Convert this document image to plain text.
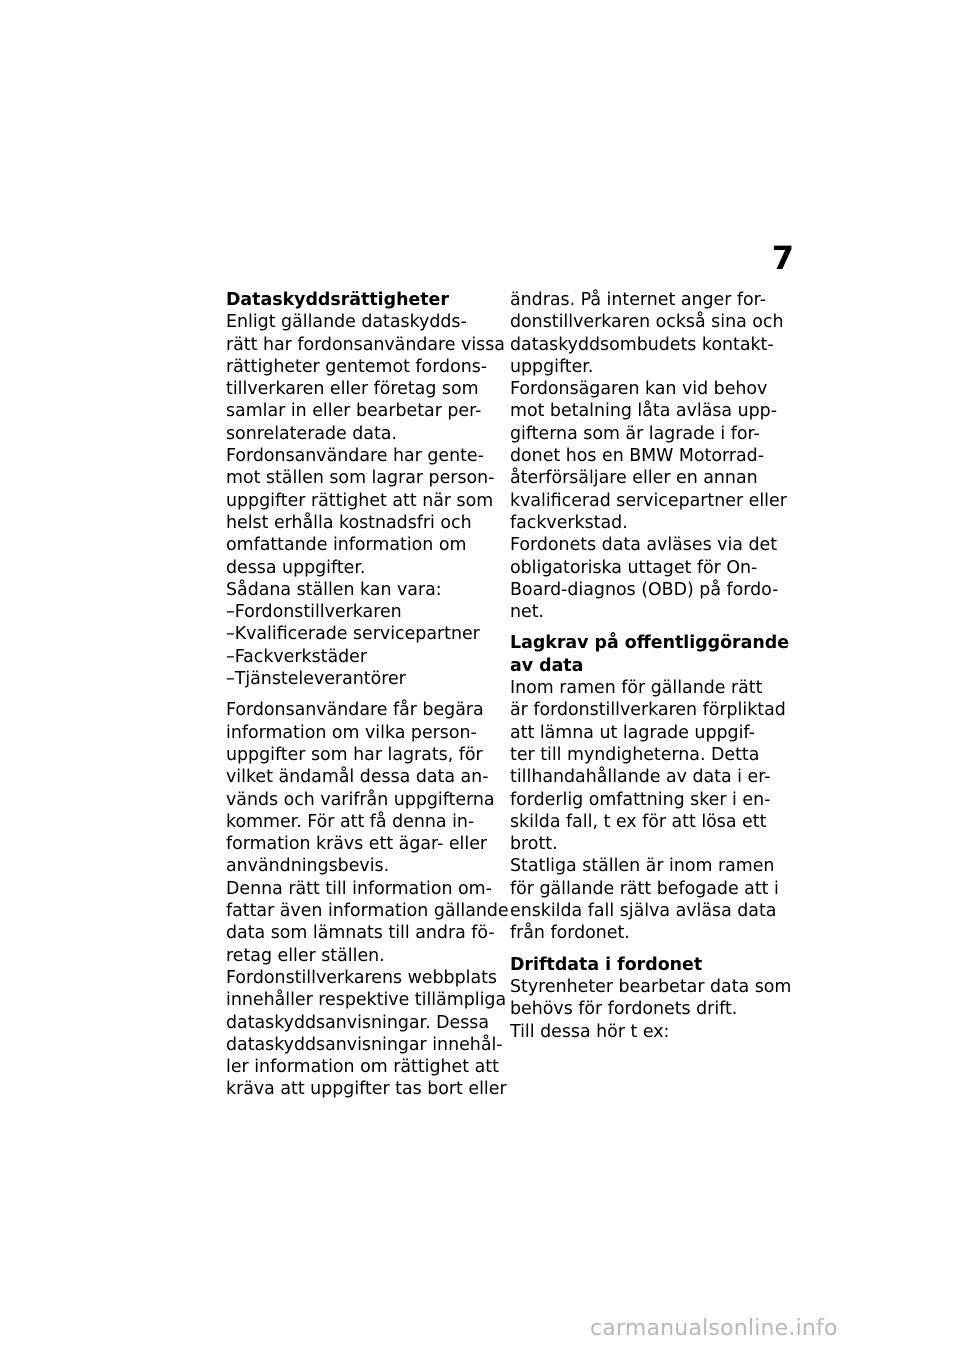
7
Dataskyddsrättigheter
Enligt gällande dataskydds-
rätt har fordonsanvändare vissa
rättigheter gentemot fordons-
tillverkaren eller företag som
samlar in eller bearbetar per-
sonrelaterade data.
Fordonsanvändare har gente-
mot ställen som lagrar person-
uppgifter rättighet att när som
helst erhålla kostnadsfri och
omfattande information om
dessa uppgifter.
Sådana ställen kan vara:
–Fordonstillverkaren
–Kvalificerade servicepartner
–Fackverkstäder
–Tjänsteleverantörer
Fordonsanvändare får begära
information om vilka person-
uppgifter som har lagrats, för
vilket ändamål dessa data an-
vänds och varifrån uppgifterna
kommer. För att få denna in-
formation krävs ett ägar- eller
användningsbevis.
Denna rätt till information om-
fattar även information gällande
data som lämnats till andra fö-
retag eller ställen.
Fordonstillverkarens webbplats
innehåller respektive tillämpliga
dataskyddsanvisningar. Dessa
dataskyddsanvisningar innehål-
ler information om rättighet att
kräva att uppgifter tas bort eller
ändras. På internet anger for-
donstillverkaren också sina och
dataskyddsombudets kontakt-
uppgifter.
Fordonsägaren kan vid behov
mot betalning låta avläsa upp-
gifterna som är lagrade i for-
donet hos en BMW Motorrad-
återförsäljare eller en annan
kvalificerad servicepartner eller
fackverkstad.
Fordonets data avläses via det
obligatoriska uttaget för On-
Board-diagnos (OBD) på fordo-
net.
Lagkrav på offentliggörande
av data
Inom ramen för gällande rätt
är fordonstillverkaren förpliktad
att lämna ut lagrade uppgif-
ter till myndigheterna. Detta
tillhandahållande av data i er-
forderlig omfattning sker i en-
skilda fall, t ex för att lösa ett
brott.
Statliga ställen är inom ramen
för gällande rätt befogade att i
enskilda fall själva avläsa data
från fordonet.
Driftdata i fordonet
Styrenheter bearbetar data som
behövs för fordonets drift.
Till dessa hör t ex:
carmanualsonline.info
